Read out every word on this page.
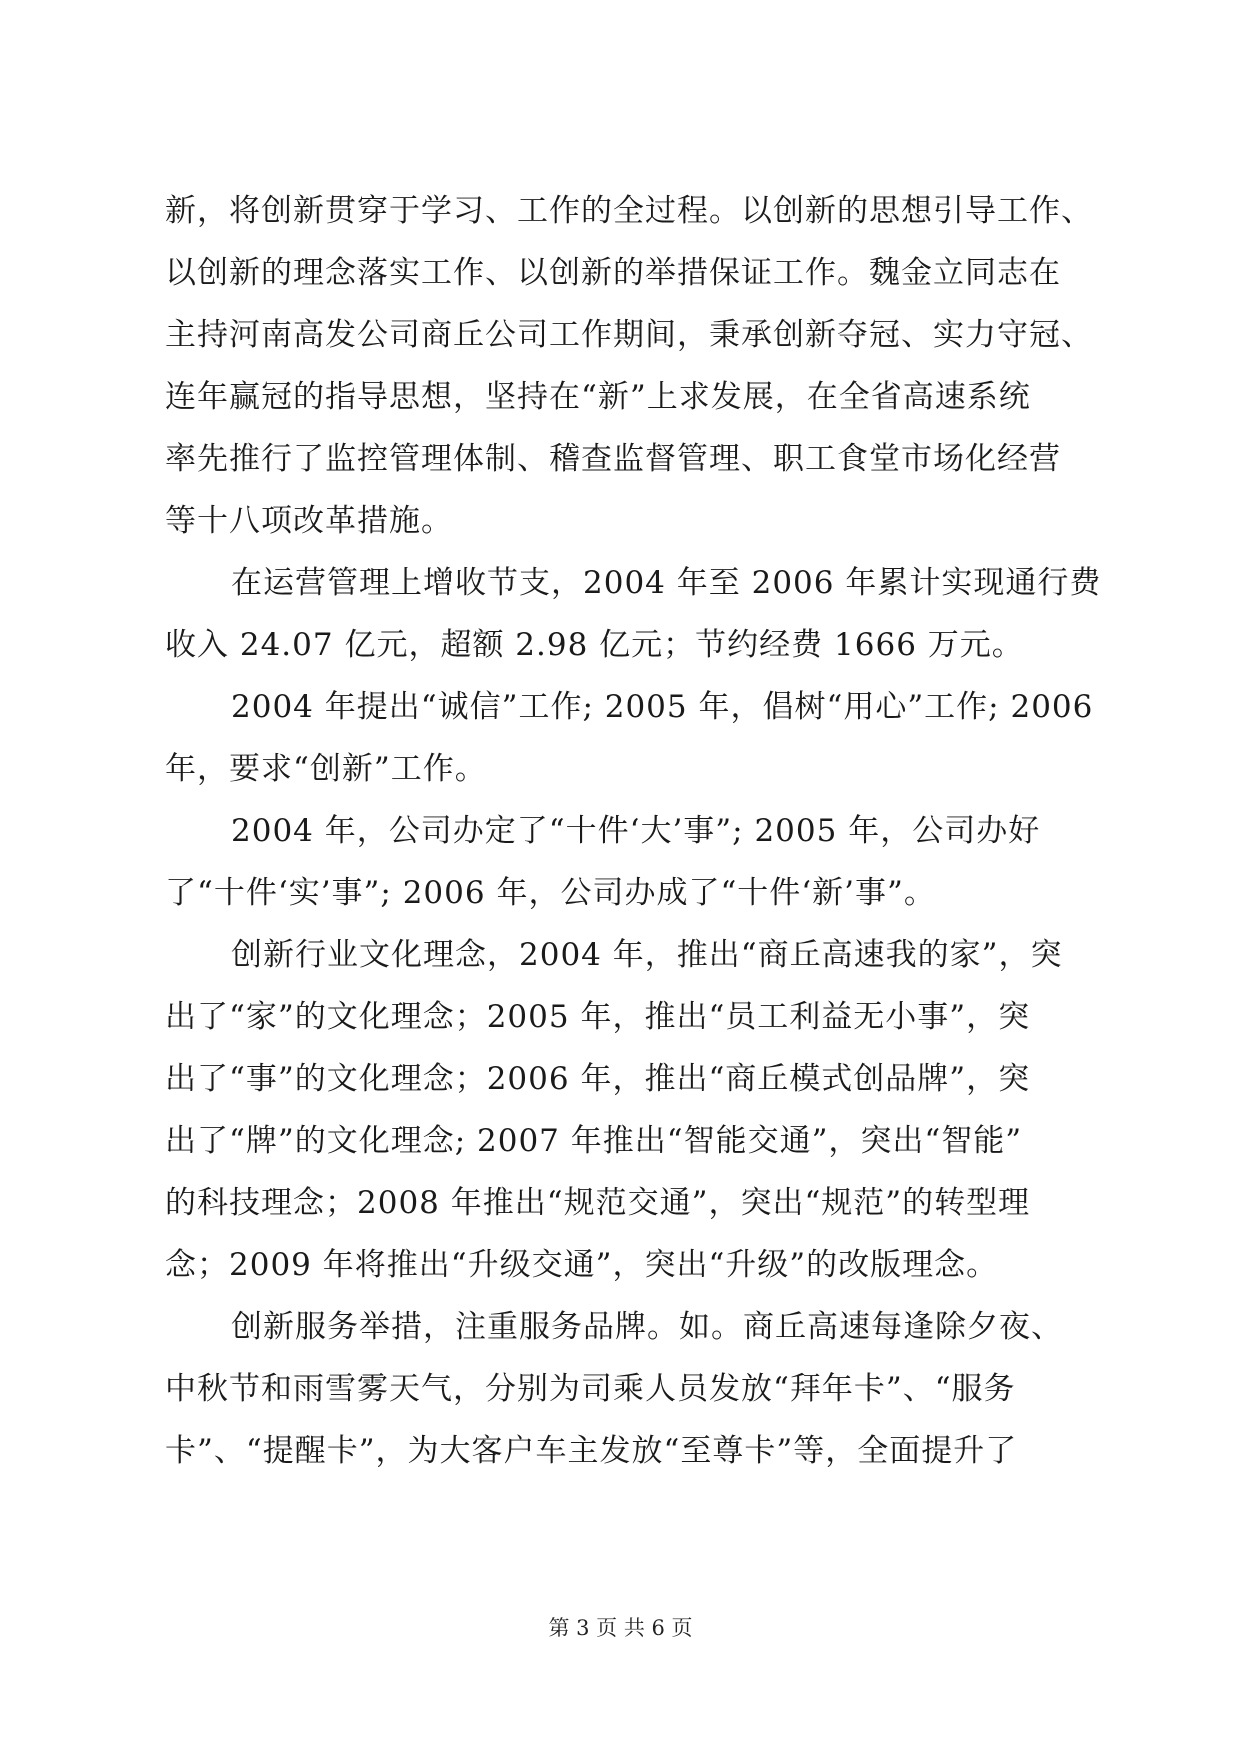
新，将创新贯穿于学习、工作的全过程。以创新的思想引导工作、
以创新的理念落实工作、以创新的举措保证工作。魏金立同志在
主持河南高发公司商丘公司工作期间，秉承创新夺冠、实力守冠、
连年赢冠的指导思想，坚持在“新”上求发展，在全省高速系统
率先推行了监控管理体制、稽查监督管理、职工食堂市场化经营
等十八项改革措施。
在运营管理上增收节支，2004 年至 2006 年累计实现通行费
收入 24.07 亿元，超额 2.98 亿元；节约经费 1666 万元。
2004 年提出“诚信”工作; 2005 年，倡树“用心”工作; 2006
年，要求“创新”工作。
2004 年，公司办定了“十件‘大’事”; 2005 年，公司办好
了“十件‘实’事”; 2006 年，公司办成了“十件‘新’事”。
创新行业文化理念，2004 年，推出“商丘高速我的家”，突
出了“家”的文化理念；2005 年，推出“员工利益无小事”，突
出了“事”的文化理念；2006 年，推出“商丘模式创品牌”，突
出了“牌”的文化理念; 2007 年推出“智能交通”，突出“智能”
的科技理念；2008 年推出“规范交通”，突出“规范”的转型理
念；2009 年将推出“升级交通”，突出“升级”的改版理念。
创新服务举措，注重服务品牌。如。商丘高速每逢除夕夜、
中秋节和雨雪雾天气，分别为司乘人员发放“拜年卡”、“服务
卡”、“提醒卡”，为大客户车主发放“至尊卡”等，全面提升了
第 3 页 共 6 页
